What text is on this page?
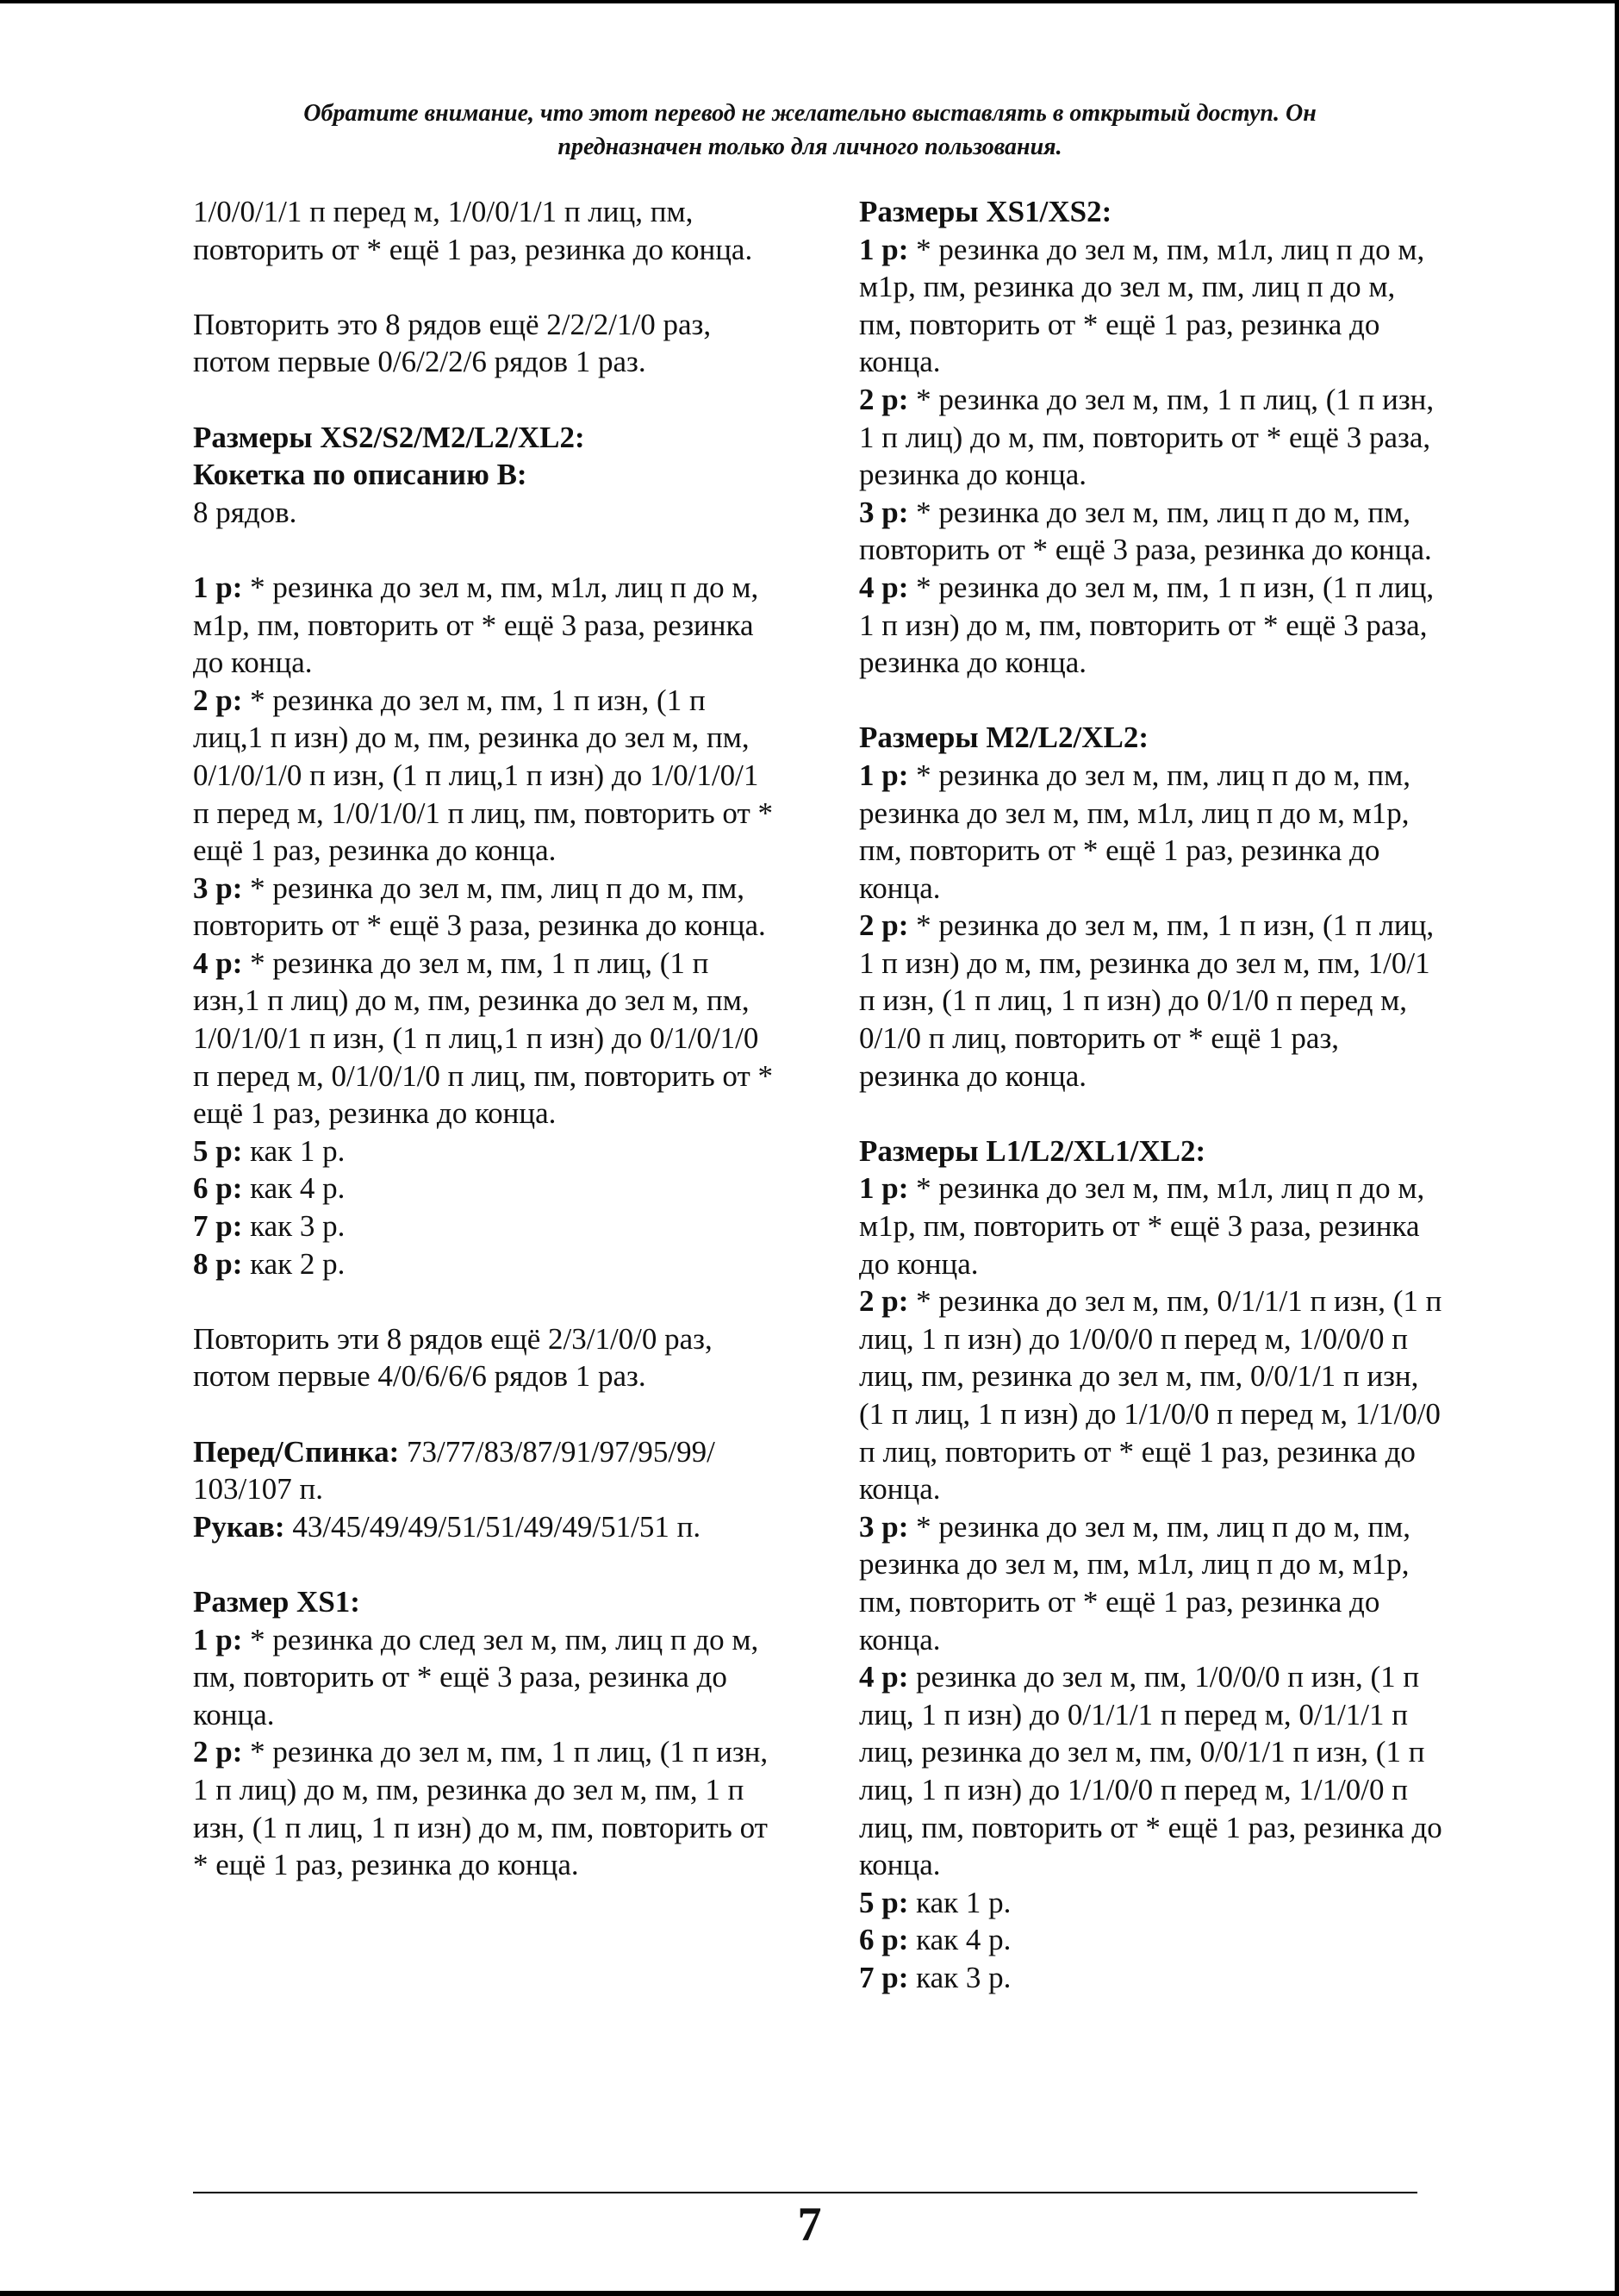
Обратите внимание, что этот перевод не желательно выставлять в открытый доступ. Он
предназначен только для личного пользования.

1/0/0/1/1 п перед м, 1/0/0/1/1 п лиц, пм, повторить от * ещё 1 раз, резинка до конца.

Повторить это 8 рядов ещё 2/2/2/1/0 раз, потом первые 0/6/2/2/6 рядов 1 раз.

Размеры XS2/S2/M2/L2/XL2:

Кокетка по описанию В:

8 рядов.

1 р: * резинка до зел м, пм, м1л, лиц п до м, м1р, пм, повторить от * ещё 3 раза, резинка до конца.

2 р: * резинка до зел м, пм, 1 п изн, (1 п лиц,1 п изн) до м, пм, резинка до зел м, пм, 0/1/0/1/0 п изн, (1 п лиц,1 п изн) до 1/0/1/0/1 п перед м, 1/0/1/0/1 п лиц, пм, повторить от * ещё 1 раз, резинка до конца.

3 р: * резинка до зел м, пм, лиц п до м, пм, повторить от * ещё 3 раза, резинка до конца.

4 р: * резинка до зел м, пм, 1 п лиц, (1 п изн,1 п лиц) до м, пм, резинка до зел м, пм, 1/0/1/0/1 п изн, (1 п лиц,1 п изн) до 0/1/0/1/0 п перед м, 0/1/0/1/0 п лиц, пм, повторить от * ещё 1 раз, резинка до конца.

5 р: как 1 р.

6 р: как 4 р.

7 р: как 3 р.

8 р: как 2 р.

Повторить эти 8 рядов ещё 2/3/1/0/0 раз, потом первые 4/0/6/6/6 рядов 1 раз.

Перед/Спинка: 73/77/83/87/91/97/95/99/ 103/107 п.

Рукав: 43/45/49/49/51/51/49/49/51/51 п.

Размер XS1:

1 р: * резинка до след зел м, пм, лиц п до м, пм, повторить от * ещё 3 раза, резинка до конца.

2 р: * резинка до зел м, пм, 1 п лиц, (1 п изн, 1 п лиц) до м, пм, резинка до зел м, пм, 1 п изн, (1 п лиц, 1 п изн) до м, пм, повторить от * ещё 1 раз, резинка до конца.

Размеры XS1/XS2:

1 р: * резинка до зел м, пм, м1л, лиц п до м, м1р, пм, резинка до зел м, пм, лиц п до м, пм, повторить от * ещё 1 раз, резинка до конца.

2 р: * резинка до зел м, пм, 1 п лиц, (1 п изн, 1 п лиц) до м, пм, повторить от * ещё 3 раза, резинка до конца.

3 р: * резинка до зел м, пм, лиц п до м, пм, повторить от * ещё 3 раза, резинка до конца.

4 р: * резинка до зел м, пм, 1 п изн, (1 п лиц, 1 п изн) до м, пм, повторить от * ещё 3 раза, резинка до конца.

Размеры M2/L2/XL2:

1 р: * резинка до зел м, пм, лиц п до м, пм, резинка до зел м, пм, м1л, лиц п до м, м1р, пм, повторить от * ещё 1 раз, резинка до конца.

2 р: * резинка до зел м, пм, 1 п изн, (1 п лиц, 1 п изн) до м, пм, резинка до зел м, пм, 1/0/1 п изн, (1 п лиц, 1 п изн) до 0/1/0 п перед м, 0/1/0 п лиц, повторить от * ещё 1 раз, резинка до конца.

Размеры L1/L2/XL1/XL2:

1 р: * резинка до зел м, пм, м1л, лиц п до м, м1р, пм, повторить от * ещё 3 раза, резинка до конца.

2 р: * резинка до зел м, пм, 0/1/1/1 п изн, (1 п лиц, 1 п изн) до 1/0/0/0 п перед м, 1/0/0/0 п лиц, пм, резинка до зел м, пм, 0/0/1/1 п изн, (1 п лиц, 1 п изн) до 1/1/0/0 п перед м, 1/1/0/0 п лиц, повторить от * ещё 1 раз, резинка до конца.

3 р: * резинка до зел м, пм, лиц п до м, пм, резинка до зел м, пм, м1л, лиц п до м, м1р, пм, повторить от * ещё 1 раз, резинка до конца.

4 р: резинка до зел м, пм, 1/0/0/0 п изн, (1 п лиц, 1 п изн) до 0/1/1/1 п перед м, 0/1/1/1 п лиц, резинка до зел м, пм, 0/0/1/1 п изн, (1 п лиц, 1 п изн) до 1/1/0/0 п перед м, 1/1/0/0 п лиц, пм, повторить от * ещё 1 раз, резинка до конца.

5 р: как 1 р.

6 р: как 4 р.

7 р: как 3 р.

7
